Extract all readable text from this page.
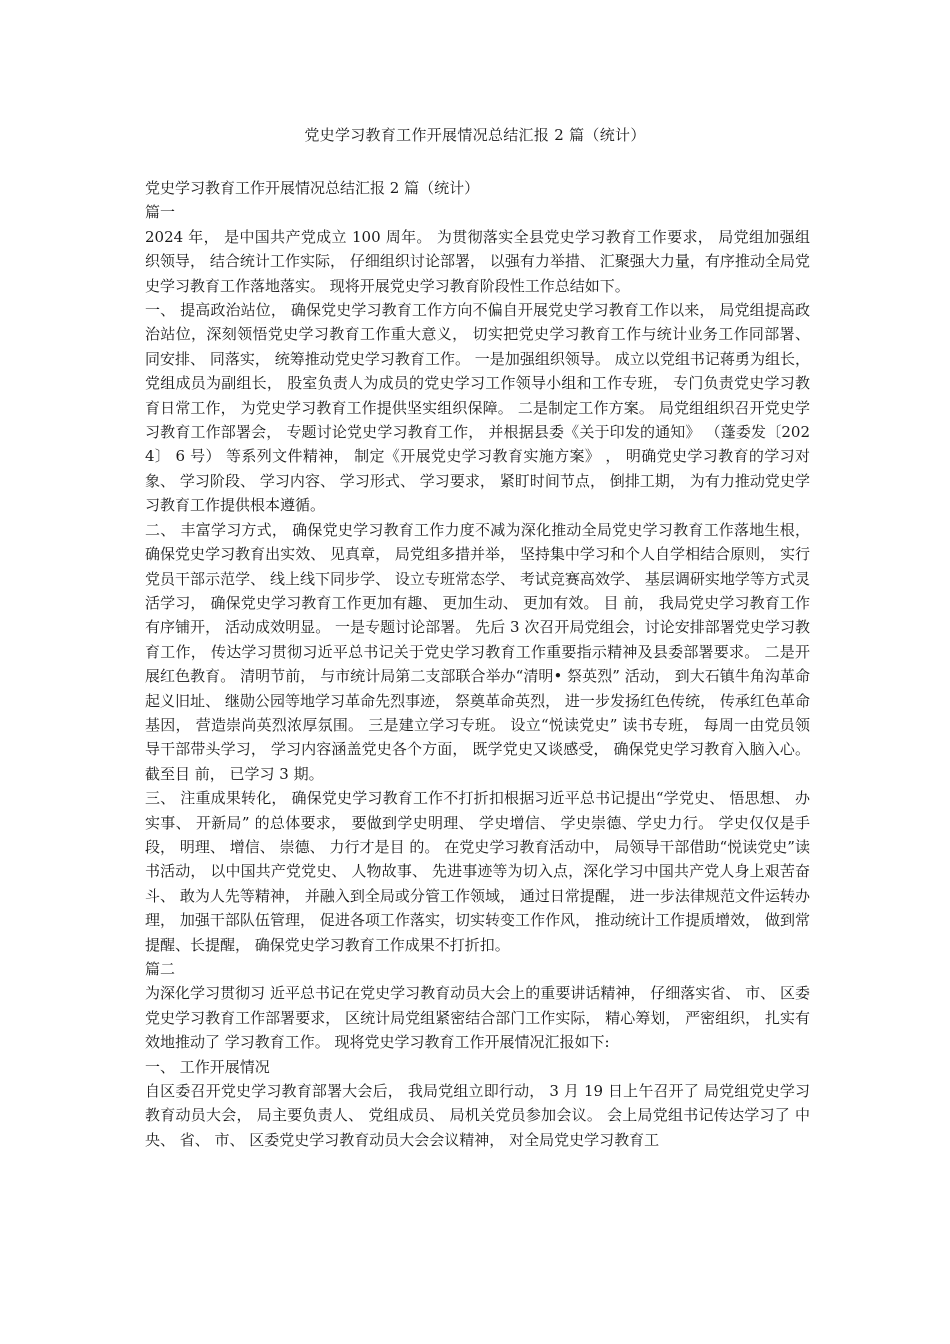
党史学习教育工作开展情况总结汇报 2 篇（统计）

党史学习教育工作开展情况总结汇报 2 篇（统计）

篇一

2024 年， 是中国共产党成立 100 周年。 为贯彻落实全县党史学习教育工作要求， 局党组加强组织领导， 结合统计工作实际， 仔细组织讨论部署， 以强有力举措、 汇聚强大力量，有序推动全局党史学习教育工作落地落实。 现将开展党史学习教育阶段性工作总结如下。

一、 提高政治站位， 确保党史学习教育工作方向不偏自开展党史学习教育工作以来， 局党组提高政治站位，深刻领悟党史学习教育工作重大意义， 切实把党史学习教育工作与统计业务工作同部署、 同安排、 同落实， 统筹推动党史学习教育工作。 一是加强组织领导。 成立以党组书记蒋勇为组长， 党组成员为副组长， 股室负责人为成员的党史学习工作领导小组和工作专班， 专门负责党史学习教育日常工作， 为党史学习教育工作提供坚实组织保障。 二是制定工作方案。 局党组组织召开党史学习教育工作部署会， 专题讨论党史学习教育工作， 并根据县委《关于印发的通知》 （蓬委发〔2024〕 6 号） 等系列文件精神， 制定《开展党史学习教育实施方案》 ， 明确党史学习教育的学习对象、 学习阶段、 学习内容、 学习形式、 学习要求， 紧盯时间节点， 倒排工期， 为有力推动党史学习教育工作提供根本遵循。

二、 丰富学习方式， 确保党史学习教育工作力度不减为深化推动全局党史学习教育工作落地生根， 确保党史学习教育出实效、 见真章， 局党组多措并举， 坚持集中学习和个人自学相结合原则， 实行党员干部示范学、 线上线下同步学、 设立专班常态学、 考试竞赛高效学、 基层调研实地学等方式灵活学习， 确保党史学习教育工作更加有趣、 更加生动、 更加有效。 目 前， 我局党史学习教育工作有序铺开， 活动成效明显。 一是专题讨论部署。 先后 3 次召开局党组会，讨论安排部署党史学习教育工作， 传达学习贯彻习近平总书记关于党史学习教育工作重要指示精神及县委部署要求。 二是开展红色教育。 清明节前， 与市统计局第二支部联合举办“清明• 祭英烈” 活动， 到大石镇牛角沟革命起义旧址、 继勋公园等地学习革命先烈事迹， 祭奠革命英烈， 进一步发扬红色传统， 传承红色革命基因， 营造崇尚英烈浓厚氛围。 三是建立学习专班。 设立“悦读党史” 读书专班， 每周一由党员领导干部带头学习， 学习内容涵盖党史各个方面， 既学党史又谈感受， 确保党史学习教育入脑入心。 截至目 前， 已学习 3 期。

三、 注重成果转化， 确保党史学习教育工作不打折扣根据习近平总书记提出“学党史、 悟思想、 办实事、 开新局” 的总体要求， 要做到学史明理、 学史增信、 学史崇德、学史力行。 学史仅仅是手段， 明理、 增信、 崇德、 力行才是目 的。 在党史学习教育活动中， 局领导干部借助“悦读党史”读书活动， 以中国共产党党史、 人物故事、 先进事迹等为切入点，深化学习中国共产党人身上艰苦奋斗、 敢为人先等精神， 并融入到全局或分管工作领域， 通过日常提醒， 进一步法律规范文件运转办理， 加强干部队伍管理， 促进各项工作落实，切实转变工作作风， 推动统计工作提质增效， 做到常提醒、长提醒， 确保党史学习教育工作成果不打折扣。

篇二

为深化学习贯彻习 近平总书记在党史学习教育动员大会上的重要讲话精神， 仔细落实省、 市、 区委党史学习教育工作部署要求， 区统计局党组紧密结合部门工作实际， 精心筹划， 严密组织， 扎实有效地推动了 学习教育工作。 现将党史学习教育工作开展情况汇报如下:

一、 工作开展情况

自区委召开党史学习教育部署大会后， 我局党组立即行动， 3 月 19 日上午召开了 局党组党史学习教育动员大会， 局主要负责人、 党组成员、 局机关党员参加会议。 会上局党组书记传达学习了 中央、 省、 市、 区委党史学习教育动员大会会议精神， 对全局党史学习教育工
